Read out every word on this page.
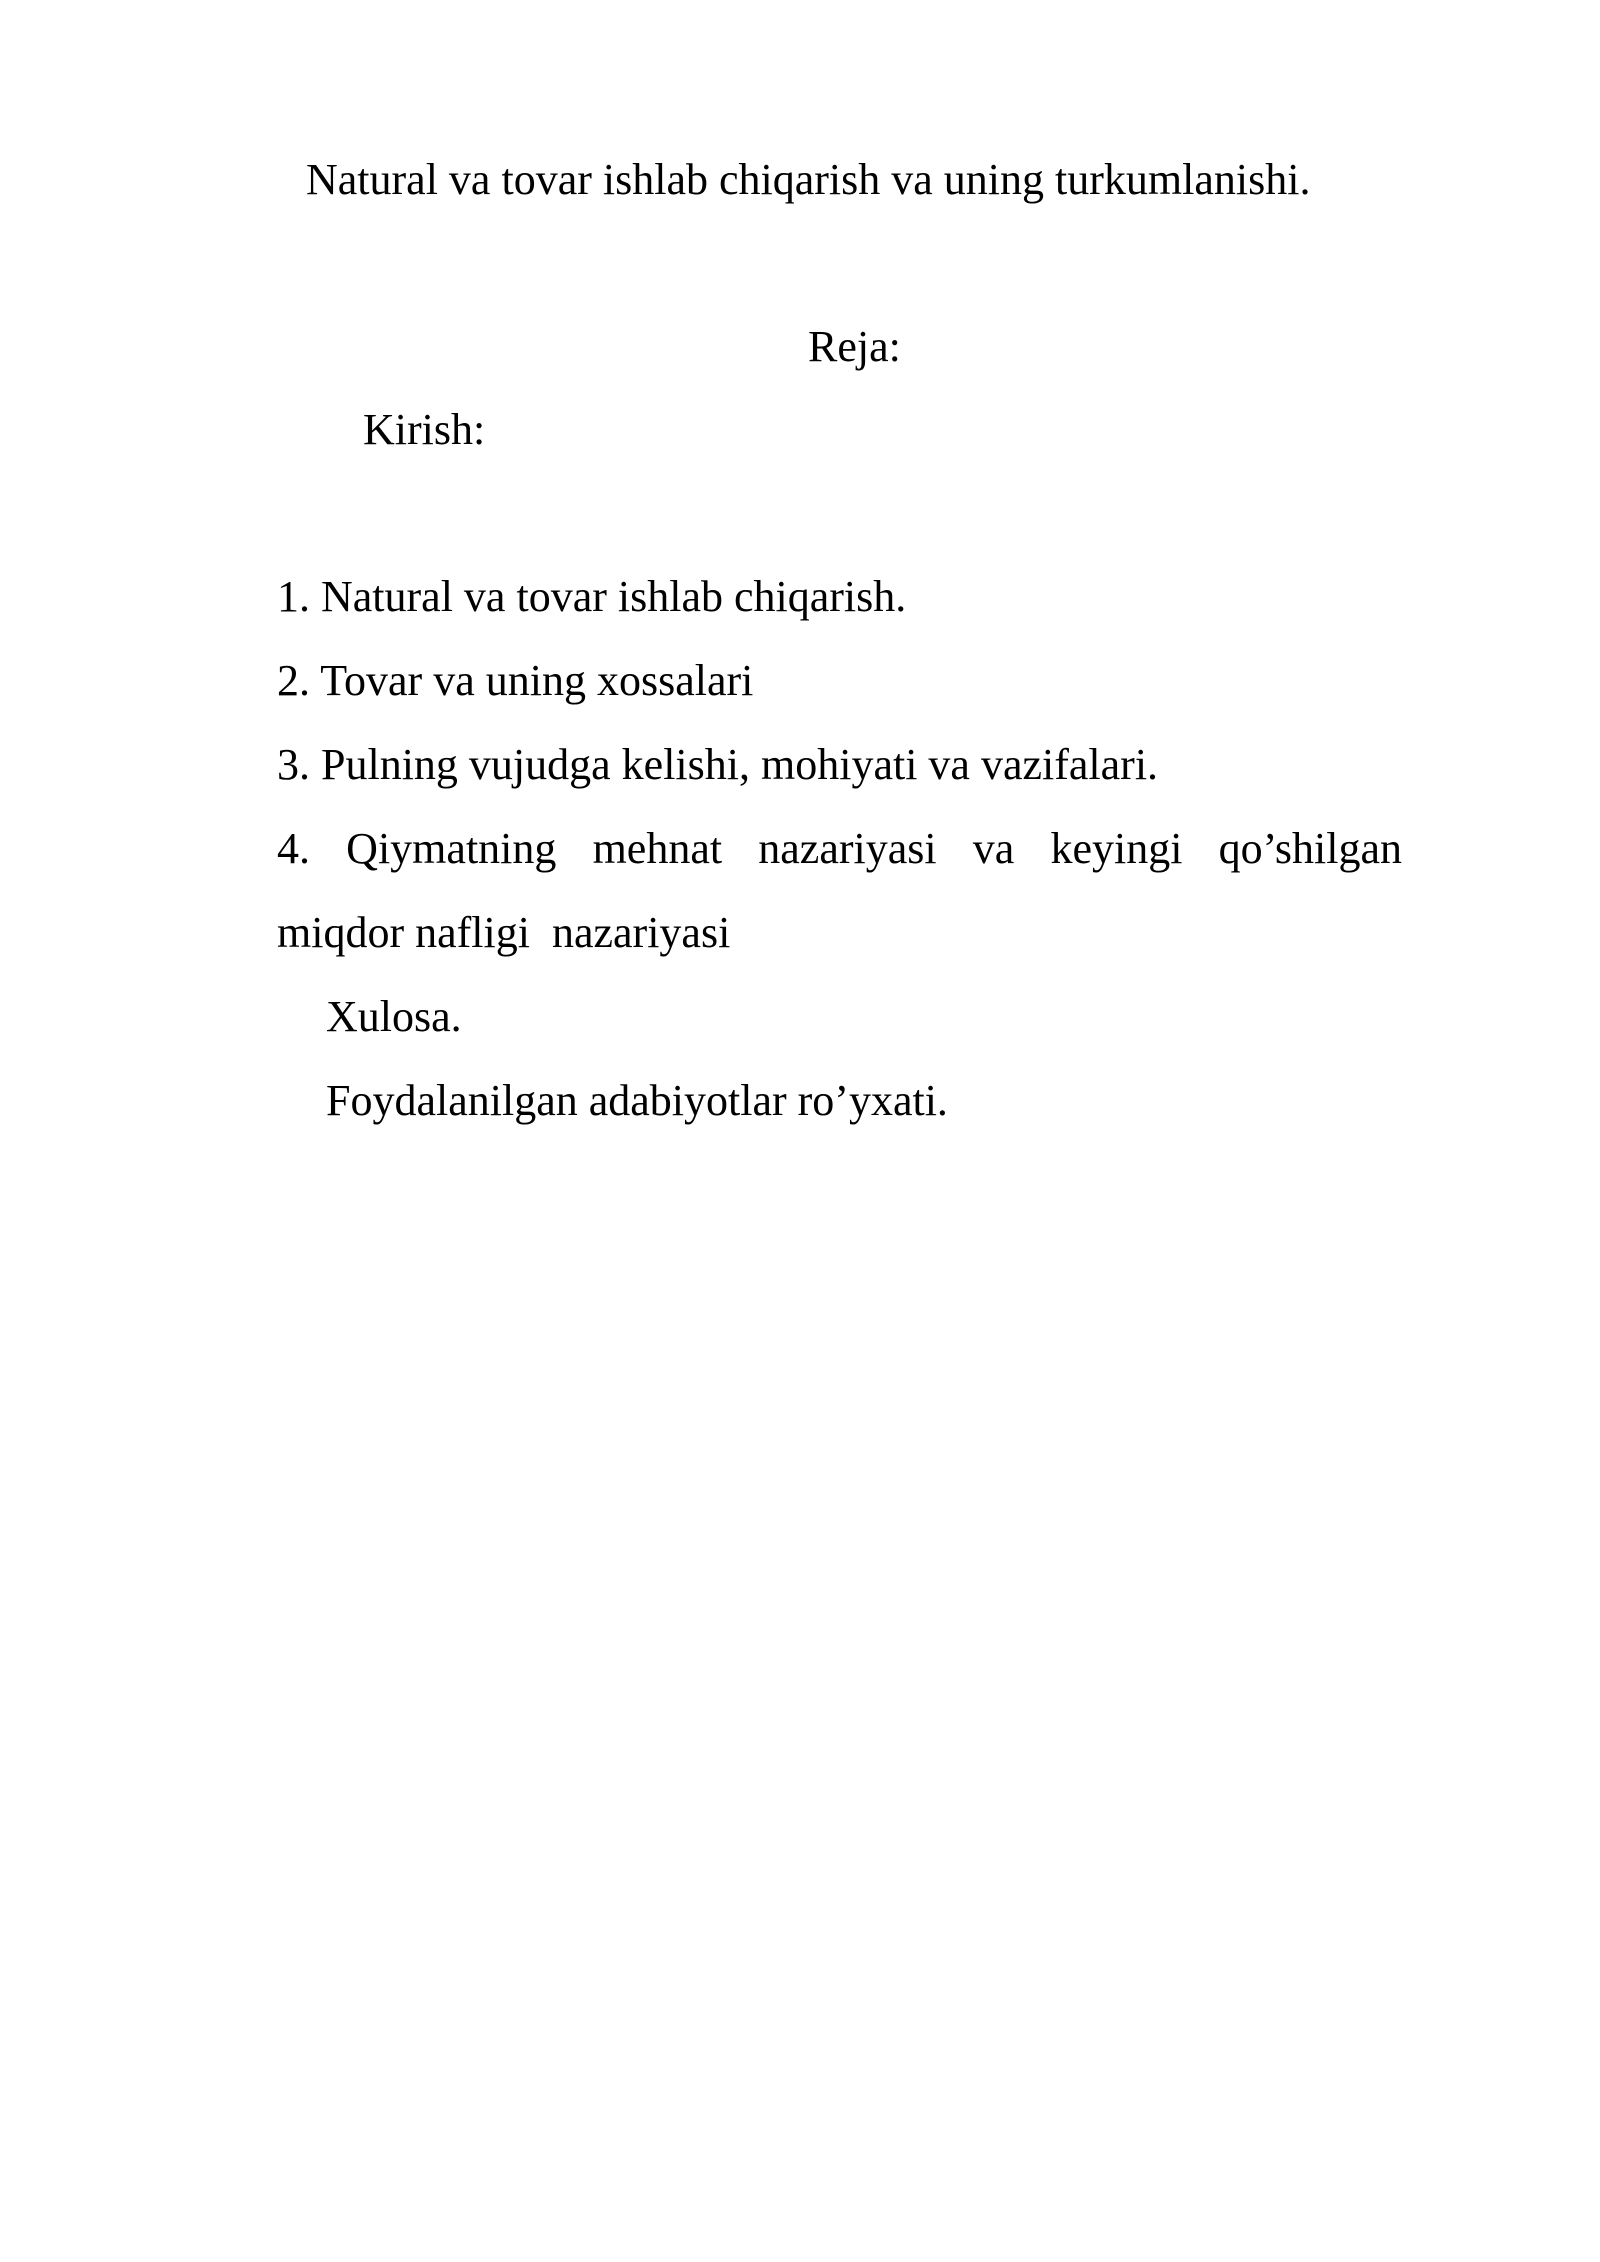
Natural va tovar ishlab chiqarish va uning turkumlanishi.
Reja:
Kirish:
1. Natural va tovar ishlab chiqarish.
2. Tovar va uning xossalari
3. Pulning vujudga kelishi, mohiyati va vazifalari.
4. Qiymatning mehnat nazariyasi va keyingi qo’shilgan
miqdor nafligi  nazariyasi
Xulosa.
Foydalanilgan adabiyotlar ro’yxati.
